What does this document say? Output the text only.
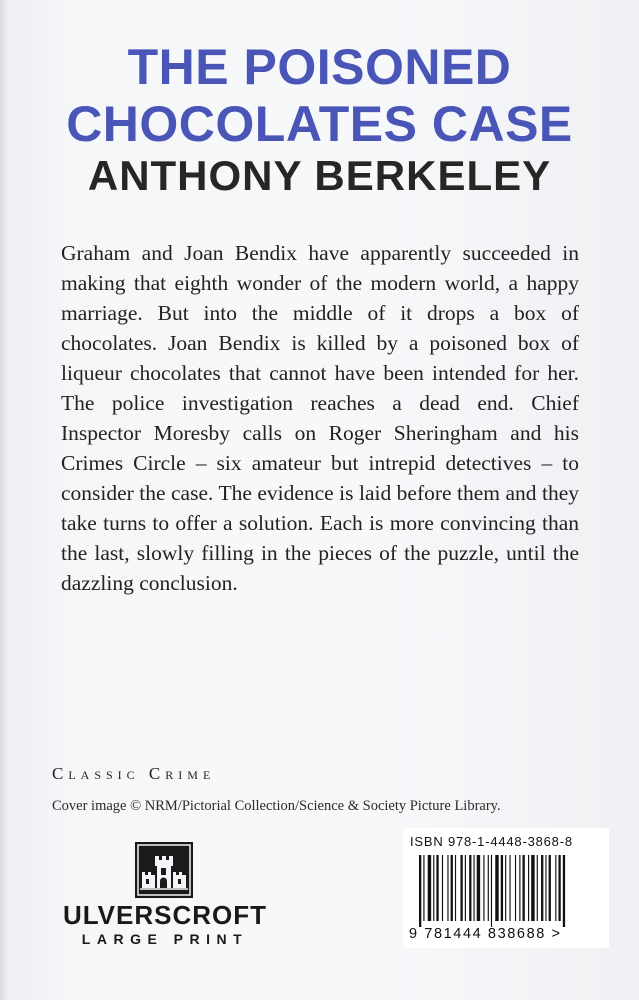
THE POISONED
CHOCOLATES CASE
ANTHONY BERKELEY

Graham and Joan Bendix have apparently succeeded in making that eighth wonder of the modern world, a happy marriage. But into the middle of it drops a box of chocolates. Joan Bendix is killed by a poisoned box of liqueur chocolates that cannot have been intended for her. The police investigation reaches a dead end. Chief Inspector Moresby calls on Roger Sheringham and his Crimes Circle – six amateur but intrepid detectives – to consider the case. The evidence is laid before them and they take turns to offer a solution. Each is more convincing than the last, slowly filling in the pieces of the puzzle, until the dazzling conclusion.

Classic Crime

Cover image © NRM/Pictorial Collection/Science & Society Picture Library.

ULVERSCROFT

LARGE PRINT

ISBN 978-1-4448-3868-8

9 781444 838688 >
